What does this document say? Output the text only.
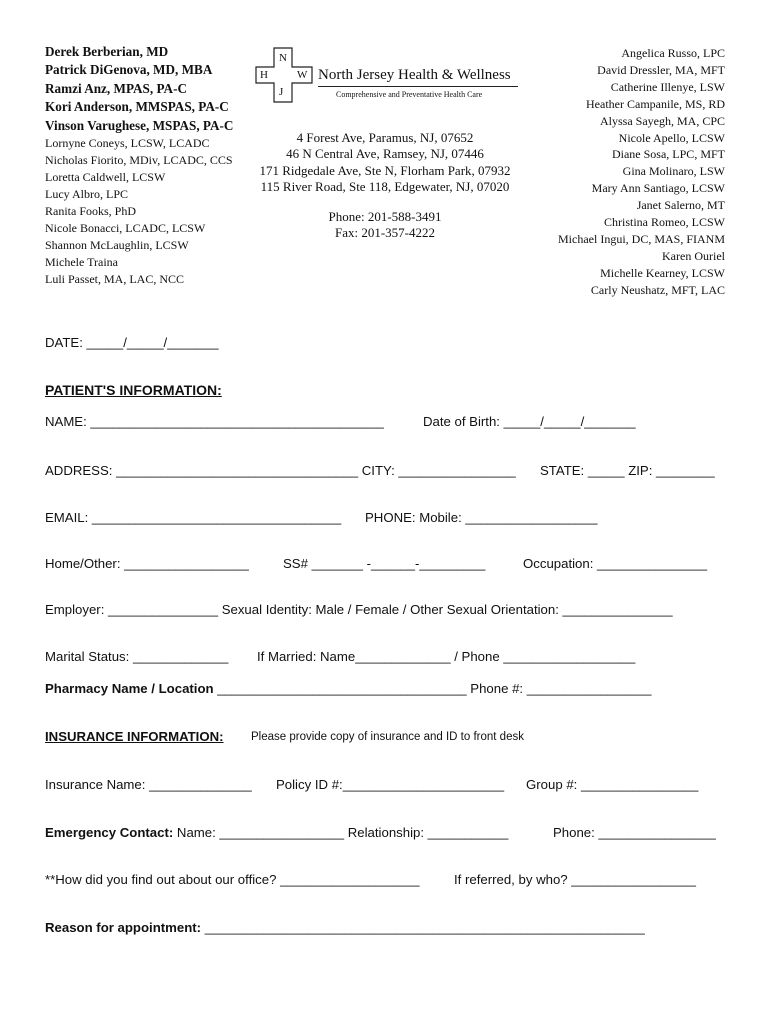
Derek Berberian, MD
Patrick DiGenova, MD, MBA
Ramzi Anz, MPAS, PA-C
Kori Anderson, MMSPAS, PA-C
Vinson Varughese, MSPAS, PA-C
Lornyne Coneys, LCSW, LCADC
Nicholas Fiorito, MDiv, LCADC, CCS
Loretta Caldwell, LCSW
Lucy Albro, LPC
Ranita Fooks, PhD
Nicole Bonacci, LCADC, LCSW
Shannon McLaughlin, LCSW
Michele Traina
Luli Passet, MA, LAC, NCC
N
H	W
J
North Jersey Health & Wellness
Comprehensive and Preventative Health Care
4 Forest Ave, Paramus, NJ, 07652
46 N Central Ave, Ramsey, NJ, 07446
171 Ridgedale Ave, Ste N, Florham Park, 07932
115 River Road, Ste 118, Edgewater, NJ, 07020
Phone: 201-588-3491
Fax: 201-357-4222
Angelica Russo, LPC
David Dressler, MA, MFT
Catherine Illenye, LSW
Heather Campanile, MS, RD
Alyssa Sayegh, MA, CPC
Nicole Apello, LCSW
Diane Sosa, LPC, MFT
Gina Molinaro, LSW
Mary Ann Santiago, LCSW
Janet Salerno, MT
Christina Romeo, LCSW
Michael Ingui, DC, MAS, FIANM
Karen Ouriel
Michelle Kearney, LCSW
Carly Neushatz, MFT, LAC
DATE: _____/_____/_______
PATIENT'S INFORMATION:
NAME: ________________________________________	Date of Birth: _____/_____/_______
ADDRESS: _________________________________ CITY: ________________ STATE: _____ ZIP: ________
EMAIL: __________________________________ PHONE: Mobile: __________________
Home/Other: _________________	SS# _______ -______-_________	Occupation: _______________
Employer: _______________ Sexual Identity: Male / Female / Other Sexual Orientation: _______________
Marital Status: _____________ If Married: Name_____________ / Phone __________________
Pharmacy Name / Location __________________________________ Phone #: _________________
INSURANCE INFORMATION: Please provide copy of insurance and ID to front desk
Insurance Name: ______________ Policy ID #:______________________ Group #: ________________
Emergency Contact: Name: _________________ Relationship: ___________	Phone: ________________
**How did you find out about our office? ___________________	If referred, by who? _________________
Reason for appointment: ____________________________________________________________
